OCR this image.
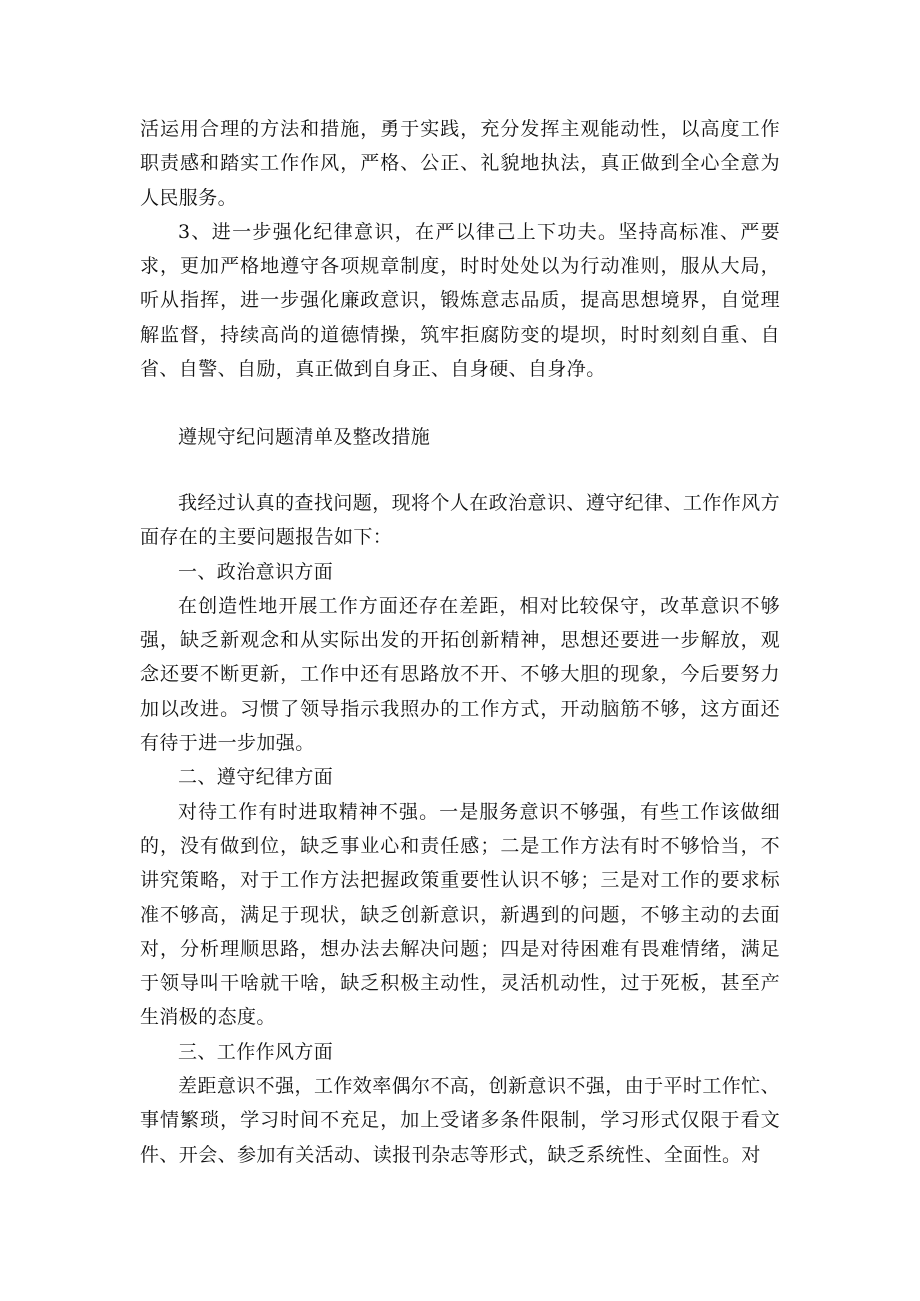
活运用合理的方法和措施，勇于实践，充分发挥主观能动性，以高度工作职责感和踏实工作作风，严格、公正、礼貌地执法，真正做到全心全意为人民服务。

3、进一步强化纪律意识，在严以律己上下功夫。坚持高标准、严要求，更加严格地遵守各项规章制度，时时处处以为行动准则，服从大局，听从指挥，进一步强化廉政意识，锻炼意志品质，提高思想境界，自觉理解监督，持续高尚的道德情操，筑牢拒腐防变的堤坝，时时刻刻自重、自省、自警、自励，真正做到自身正、自身硬、自身净。

遵规守纪问题清单及整改措施

我经过认真的查找问题，现将个人在政治意识、遵守纪律、工作作风方面存在的主要问题报告如下：

一、政治意识方面

在创造性地开展工作方面还存在差距，相对比较保守，改革意识不够强，缺乏新观念和从实际出发的开拓创新精神，思想还要进一步解放，观念还要不断更新，工作中还有思路放不开、不够大胆的现象，今后要努力加以改进。习惯了领导指示我照办的工作方式，开动脑筋不够，这方面还有待于进一步加强。

二、遵守纪律方面

对待工作有时进取精神不强。一是服务意识不够强，有些工作该做细的，没有做到位，缺乏事业心和责任感；二是工作方法有时不够恰当，不讲究策略，对于工作方法把握政策重要性认识不够；三是对工作的要求标准不够高，满足于现状，缺乏创新意识，新遇到的问题，不够主动的去面对，分析理顺思路，想办法去解决问题；四是对待困难有畏难情绪，满足于领导叫干啥就干啥，缺乏积极主动性，灵活机动性，过于死板，甚至产生消极的态度。

三、工作作风方面

差距意识不强，工作效率偶尔不高，创新意识不强，由于平时工作忙、事情繁琐，学习时间不充足，加上受诸多条件限制，学习形式仅限于看文件、开会、参加有关活动、读报刊杂志等形式，缺乏系统性、全面性。对
